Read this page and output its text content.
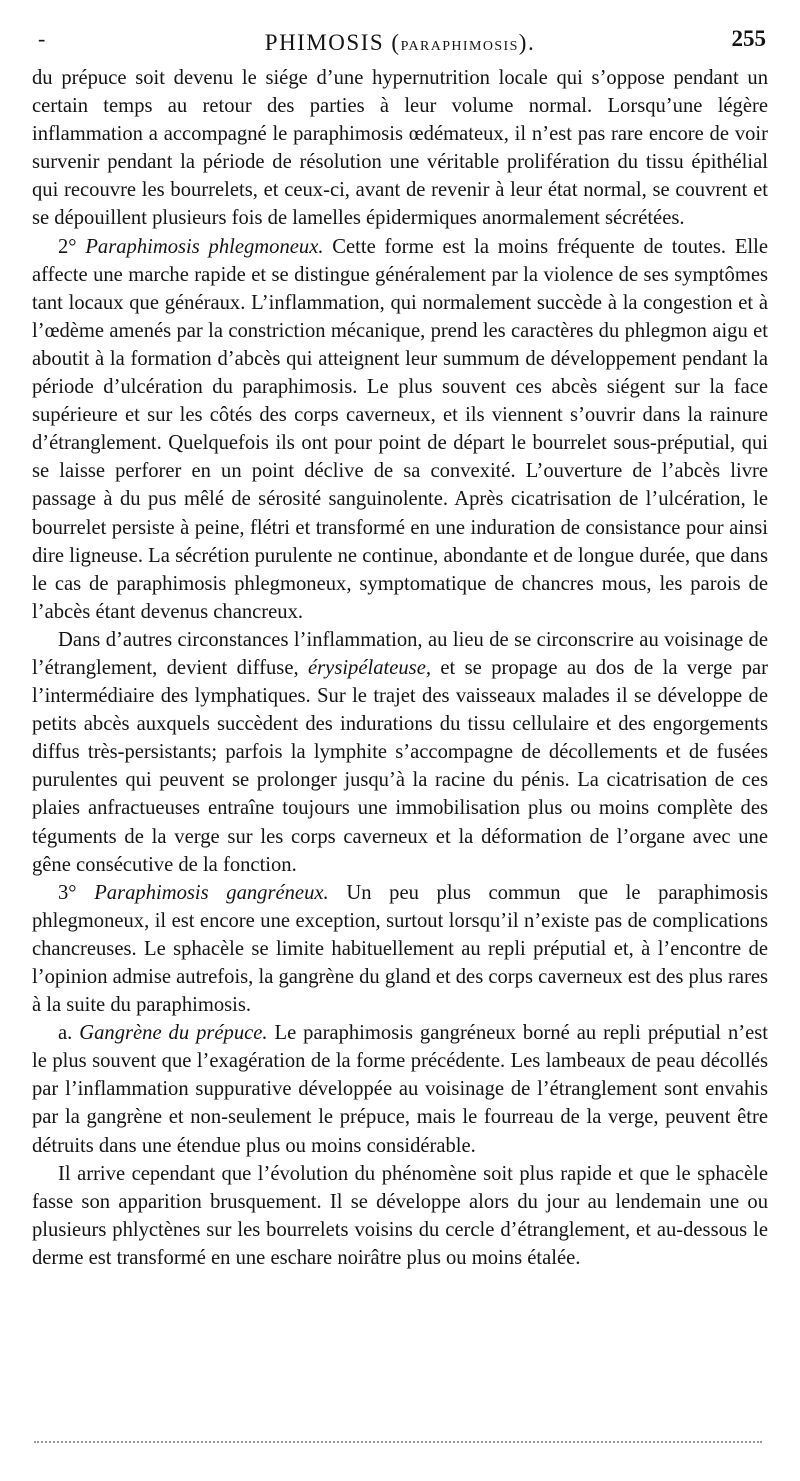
-	PHIMOSIS (PARAPHIMOSIS).	255

du prépuce soit devenu le siége d’une hypernutrition locale qui s’oppose pendant un certain temps au retour des parties à leur volume normal. Lorsqu’une légère inflammation a accompagné le paraphimosis œdémateux, il n’est pas rare encore de voir survenir pendant la période de résolution une véritable prolifération du tissu épithélial qui recouvre les bourrelets, et ceux-ci, avant de revenir à leur état normal, se couvrent et se dépouillent plusieurs fois de lamelles épidermiques anormalement sécrétées.

2° Paraphimosis phlegmoneux. Cette forme est la moins fréquente de toutes. Elle affecte une marche rapide et se distingue généralement par la violence de ses symptômes tant locaux que généraux. L’inflammation, qui normalement succède à la congestion et à l’œdème amenés par la constriction mécanique, prend les caractères du phlegmon aigu et aboutit à la formation d’abcès qui atteignent leur summum de développement pendant la période d’ulcération du paraphimosis. Le plus souvent ces abcès siégent sur la face supérieure et sur les côtés des corps caverneux, et ils viennent s’ouvrir dans la rainure d’étranglement. Quelquefois ils ont pour point de départ le bourrelet sous-préputial, qui se laisse perforer en un point déclive de sa convexité. L’ouverture de l’abcès livre passage à du pus mêlé de sérosité sanguinolente. Après cicatrisation de l’ulcération, le bourrelet persiste à peine, flétri et transformé en une induration de consistance pour ainsi dire ligneuse. La sécrétion purulente ne continue, abondante et de longue durée, que dans le cas de paraphimosis phlegmoneux, symptomatique de chancres mous, les parois de l’abcès étant devenus chancreux.

Dans d’autres circonstances l’inflammation, au lieu de se circonscrire au voisinage de l’étranglement, devient diffuse, érysipélateuse, et se propage au dos de la verge par l’intermédiaire des lymphatiques. Sur le trajet des vaisseaux malades il se développe de petits abcès auxquels succèdent des indurations du tissu cellulaire et des engorgements diffus très-persistants; parfois la lymphite s’accompagne de décollements et de fusées purulentes qui peuvent se prolonger jusqu’à la racine du pénis. La cicatrisation de ces plaies anfractueuses entraîne toujours une immobilisation plus ou moins complète des téguments de la verge sur les corps caverneux et la déformation de l’organe avec une gêne consécutive de la fonction.

3° Paraphimosis gangréneux. Un peu plus commun que le paraphimosis phlegmoneux, il est encore une exception, surtout lorsqu’il n’existe pas de complications chancreuses. Le sphacèle se limite habituellement au repli préputial et, à l’encontre de l’opinion admise autrefois, la gangrène du gland et des corps caverneux est des plus rares à la suite du paraphimosis.

a. Gangrène du prépuce. Le paraphimosis gangréneux borné au repli préputial n’est le plus souvent que l’exagération de la forme précédente. Les lambeaux de peau décollés par l’inflammation suppurative développée au voisinage de l’étranglement sont envahis par la gangrène et non-seulement le prépuce, mais le fourreau de la verge, peuvent être détruits dans une étendue plus ou moins considérable.

Il arrive cependant que l’évolution du phénomène soit plus rapide et que le sphacèle fasse son apparition brusquement. Il se développe alors du jour au lendemain une ou plusieurs phlyctènes sur les bourrelets voisins du cercle d’étranglement, et au-dessous le derme est transformé en une eschare noirâtre plus ou moins étalée.
